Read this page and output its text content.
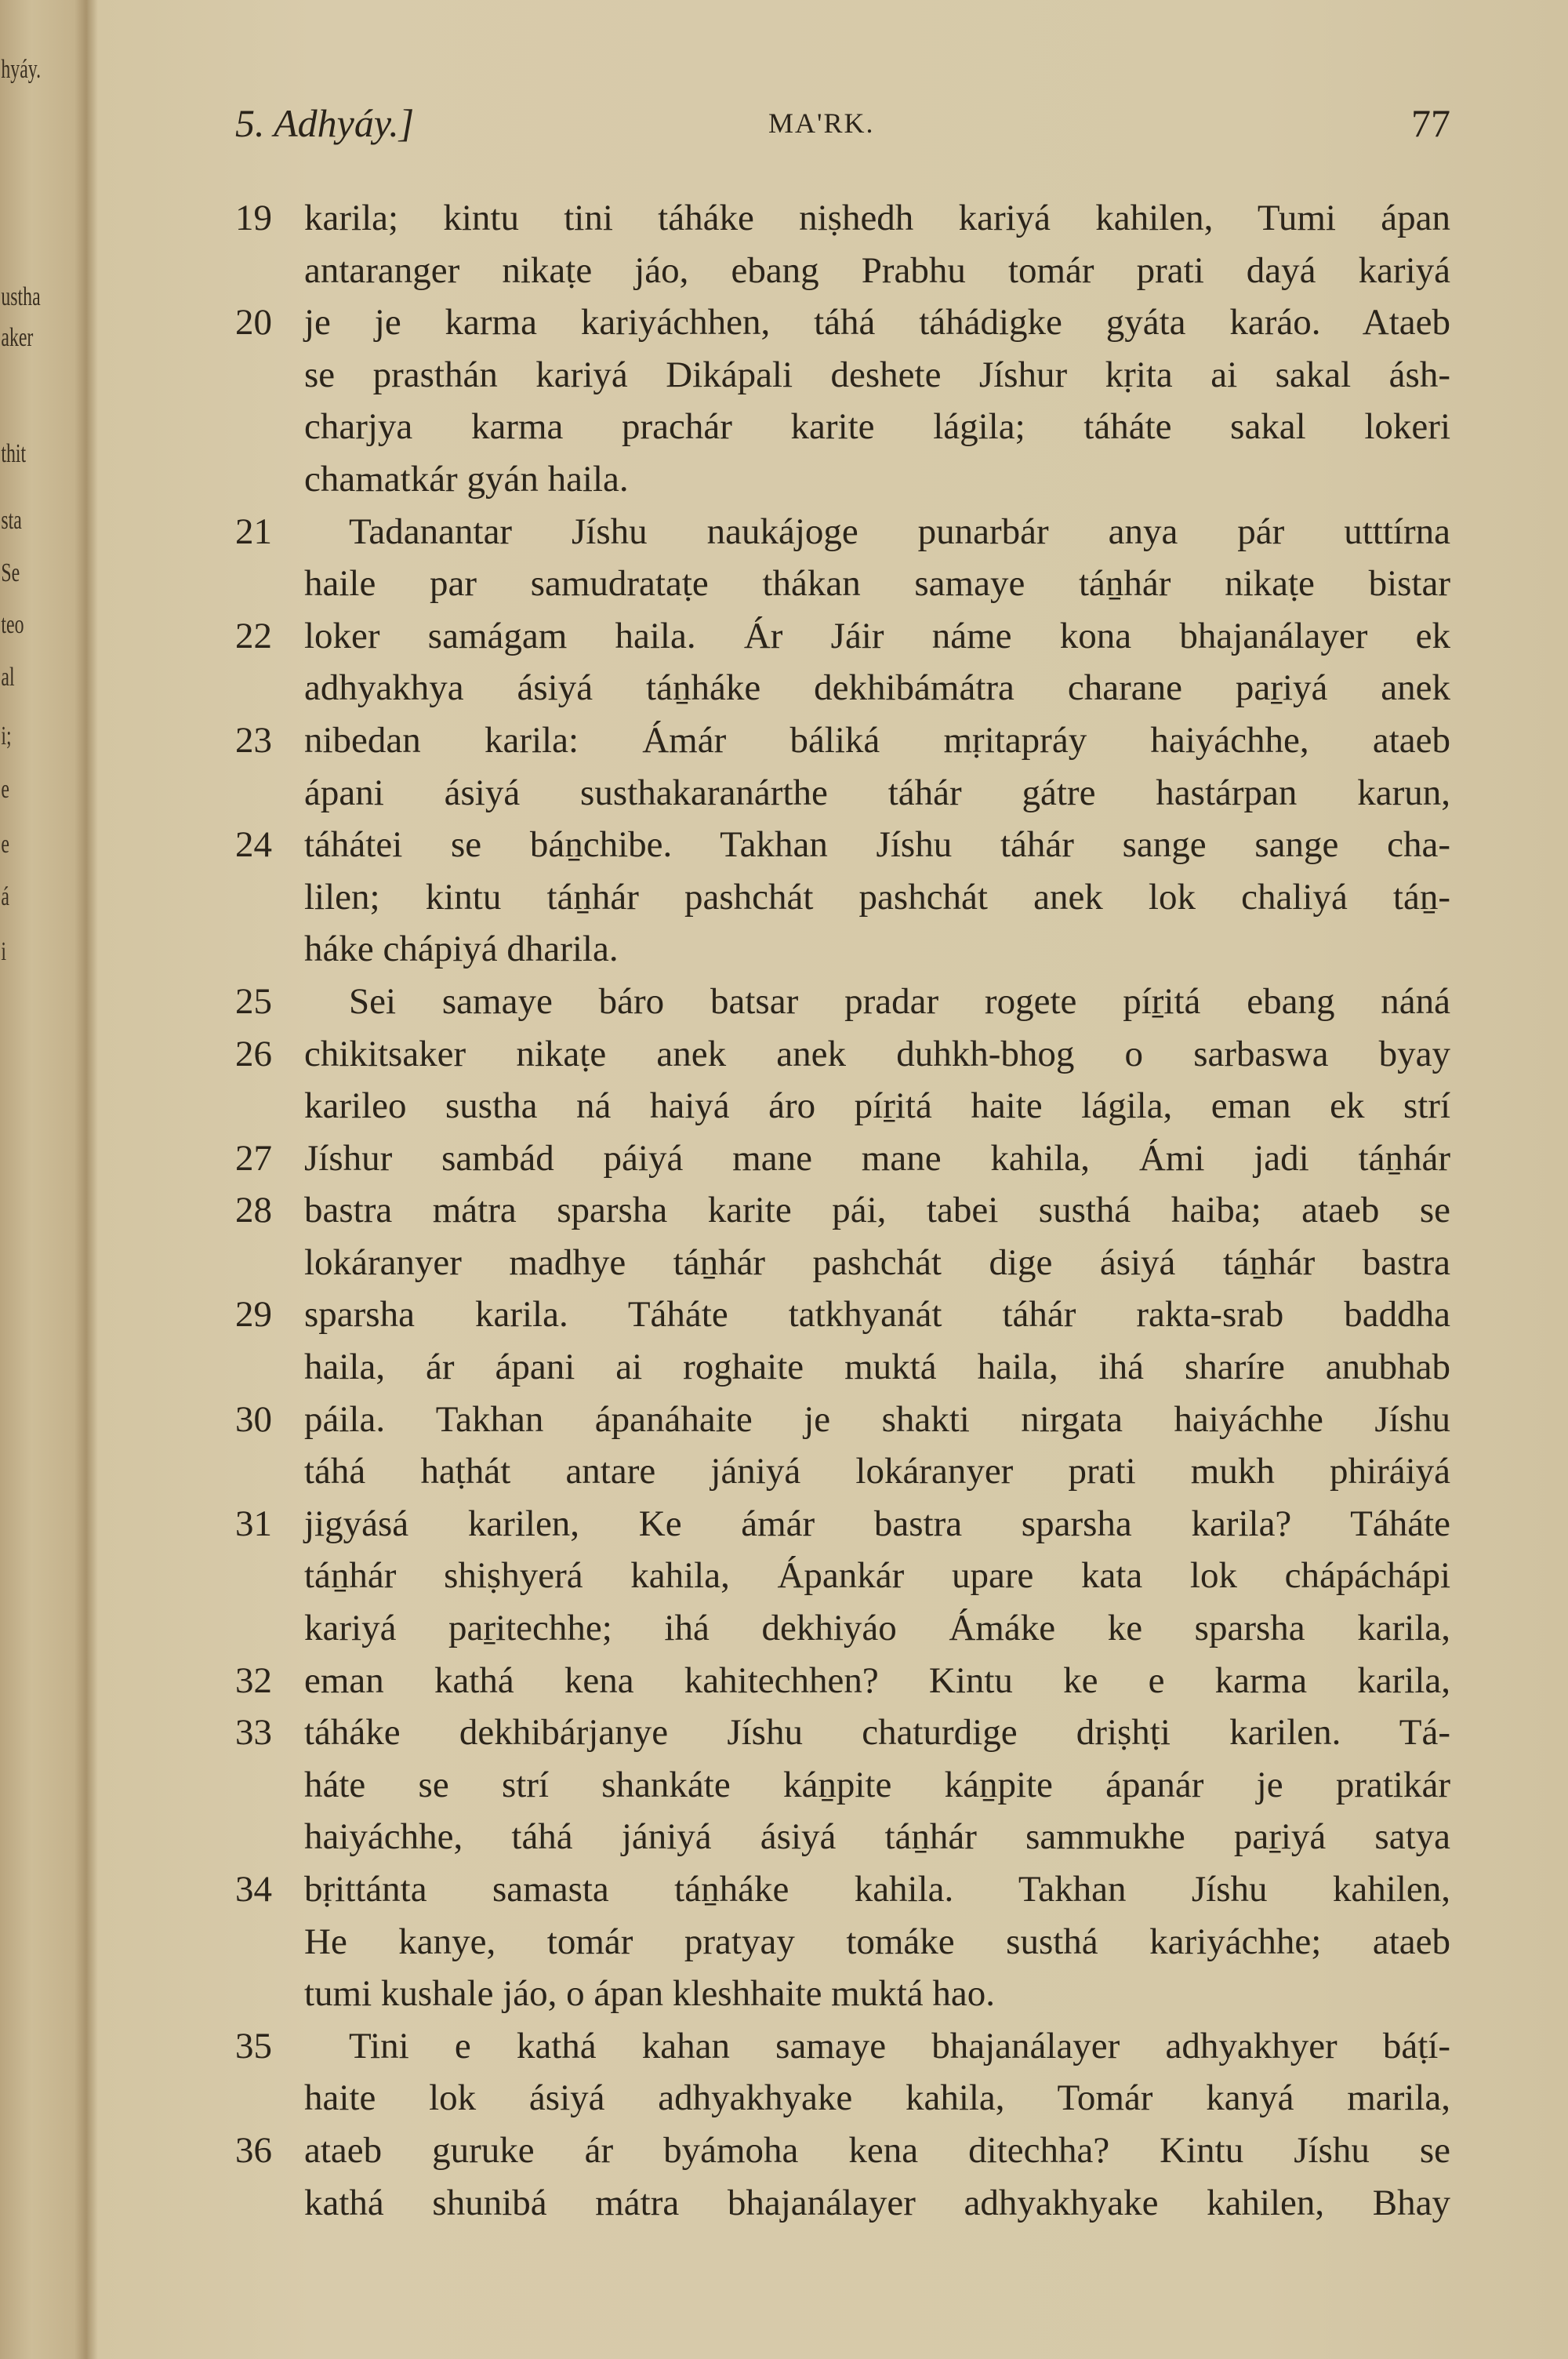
hyáy.
ustha
aker
thit
sta
Se
teo
al
i;
e
e
á
i
5. Adhyáy.]	MA'RK.	77
19 karila; kintu tini táháke niṣhedh kariyá kahilen, Tumi ápan
antaranger nikaṭe jáo, ebang Prabhu tomár prati dayá kariyá
20 je je karma kariyáchhen, táhá táhádigke gyáta karáo. Ataeb
se prasthán kariyá Dikápali deshete Jíshur kṛita ai sakal ásh-
charjya karma prachár karite lágila; táháte sakal lokeri
chamatkár gyán haila.
21	Tadanantar Jíshu naukájoge punarbár anya pár utttírna
haile par samudrataṭe thákan samaye táṉhár nikaṭe bistar
22 loker samágam haila. Ár Jáir náme kona bhajanálayer ek
adhyakhya ásiyá táṉháke dekhibámátra charane paṟiyá anek
23 nibedan karila: Ámár báliká mṛitapráy haiyáchhe, ataeb
ápani ásiyá susthakaranárthe táhár gátre hastárpan karun,
24 táhátei se báṉchibe. Takhan Jíshu táhár sange sange cha-
lilen; kintu táṉhár pashchát pashchát anek lok chaliyá táṉ-
háke chápiyá dharila.
25	Sei samaye báro batsar pradar rogete píṟitá ebang náná
26 chikitsaker nikaṭe anek anek duhkh-bhog o sarbaswa byay
karileo sustha ná haiyá áro píṟitá haite lágila, eman ek strí
27 Jíshur sambád páiyá mane mane kahila, Ámi jadi táṉhár
28 bastra mátra sparsha karite pái, tabei susthá haiba; ataeb se
lokáranyer madhye táṉhár pashchát dige ásiyá táṉhár bastra
29 sparsha karila. Táháte tatkhyanát táhár rakta-srab baddha
haila, ár ápani ai roghaite muktá haila, ihá sharíre anubhab
30 páila. Takhan ápanáhaite je shakti nirgata haiyáchhe Jíshu
táhá haṭhát antare jániyá lokáranyer prati mukh phiráiyá
31 jigyásá karilen, Ke ámár bastra sparsha karila? Táháte
táṉhár shiṣhyerá kahila, Ápankár upare kata lok chápáchápi
kariyá paṟitechhe; ihá dekhiyáo Ámáke ke sparsha karila,
32 eman kathá kena kahitechhen? Kintu ke e karma karila,
33 táháke dekhibárjanye Jíshu chaturdige driṣhṭi karilen. Tá-
háte se strí shankáte káṉpite káṉpite ápanár je pratikár
haiyáchhe, táhá jániyá ásiyá táṉhár sammukhe paṟiyá satya
34 bṛittánta samasta táṉháke kahila. Takhan Jíshu kahilen,
He kanye, tomár pratyay tomáke susthá kariyáchhe; ataeb
tumi kushale jáo, o ápan kleshhaite muktá hao.
35	Tini e kathá kahan samaye bhajanálayer adhyakhyer báṭí-
haite lok ásiyá adhyakhyake kahila, Tomár kanyá marila,
36 ataeb guruke ár byámoha kena ditechha? Kintu Jíshu se
kathá shunibá mátra bhajanálayer adhyakhyake kahilen, Bhay
